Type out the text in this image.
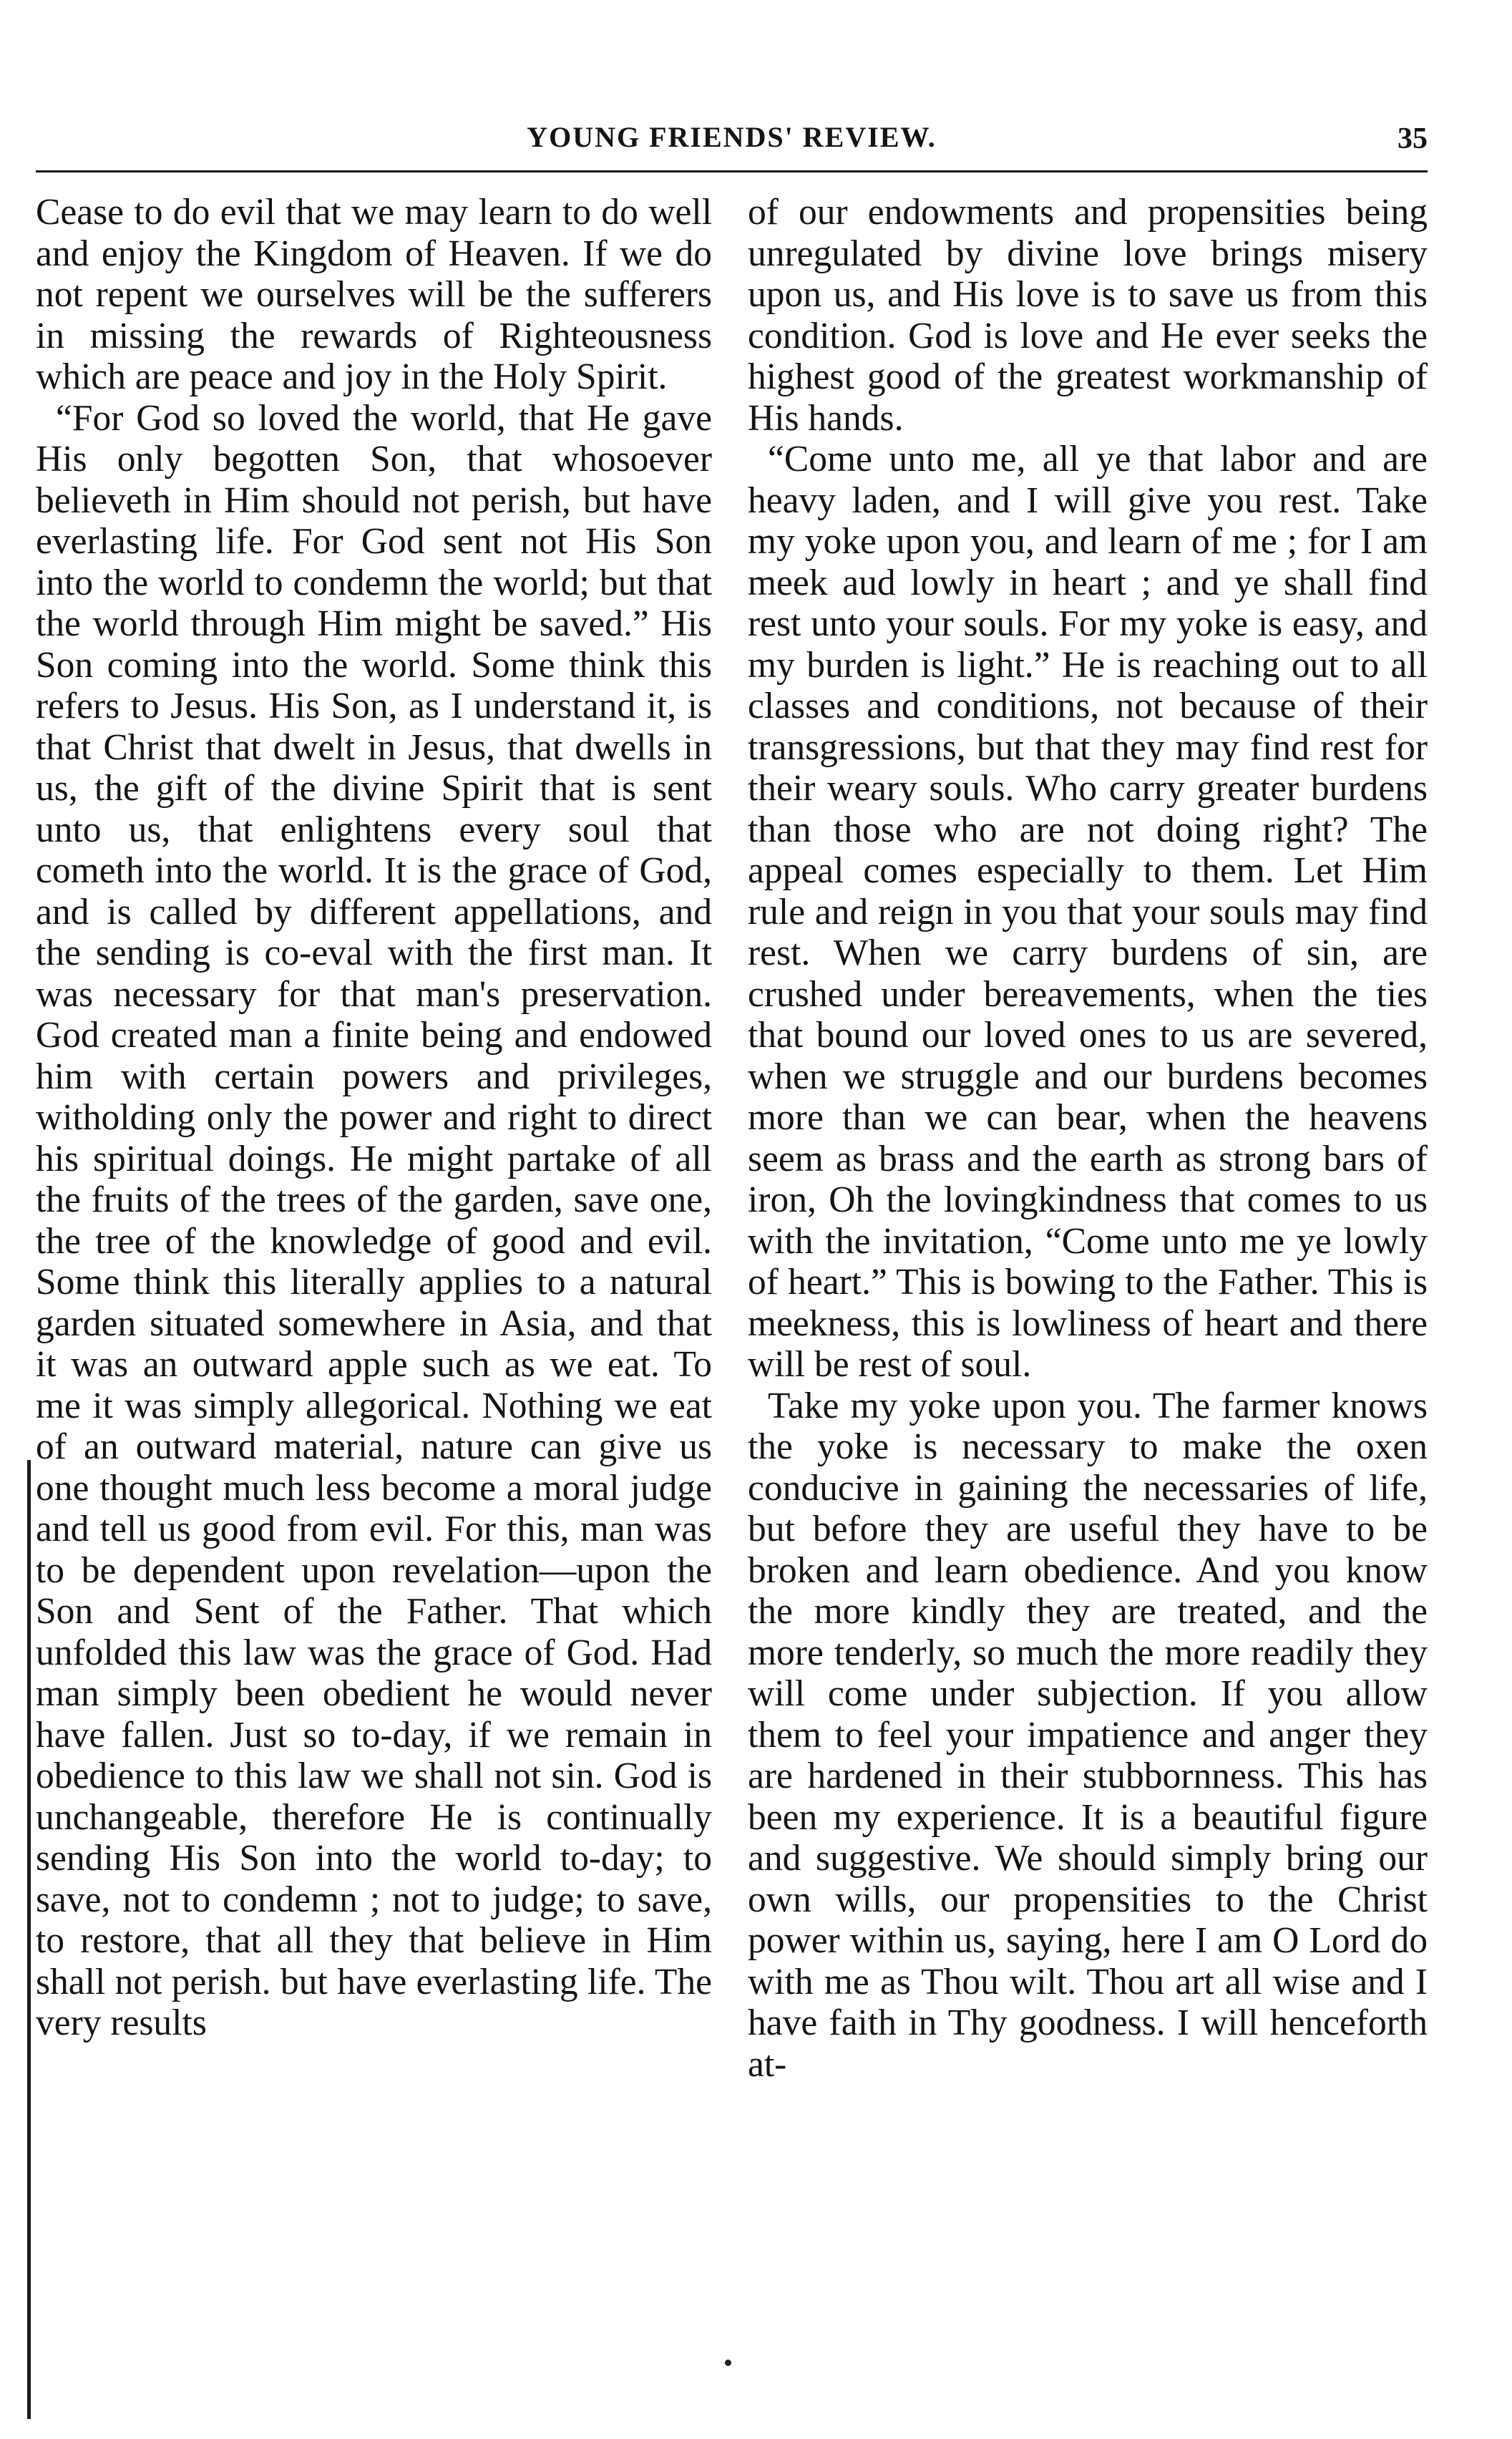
YOUNG FRIENDS' REVIEW.	35

Cease to do evil that we may learn to do well and enjoy the Kingdom of Heaven. If we do not repent we ourselves will be the sufferers in missing the rewards of Righteousness which are peace and joy in the Holy Spirit.

“For God so loved the world, that He gave His only begotten Son, that whosoever believeth in Him should not perish, but have everlasting life. For God sent not His Son into the world to condemn the world; but that the world through Him might be saved.” His Son coming into the world. Some think this refers to Jesus. His Son, as I understand it, is that Christ that dwelt in Jesus, that dwells in us, the gift of the divine Spirit that is sent unto us, that enlightens every soul that cometh into the world. It is the grace of God, and is called by different appellations, and the sending is co-eval with the first man. It was necessary for that man's preservation. God created man a finite being and endowed him with certain powers and privileges, witholding only the power and right to direct his spiritual doings. He might partake of all the fruits of the trees of the garden, save one, the tree of the knowledge of good and evil. Some think this literally applies to a natural garden situated somewhere in Asia, and that it was an outward apple such as we eat. To me it was simply allegorical. Nothing we eat of an outward material, nature can give us one thought much less become a moral judge and tell us good from evil. For this, man was to be dependent upon revelation—upon the Son and Sent of the Father. That which unfolded this law was the grace of God. Had man simply been obedient he would never have fallen. Just so to-day, if we remain in obedience to this law we shall not sin. God is unchangeable, therefore He is continually sending His Son into the world to-day; to save, not to condemn ; not to judge; to save, to restore, that all they that believe in Him shall not perish. but have everlasting life. The very results

of our endowments and propensities being unregulated by divine love brings misery upon us, and His love is to save us from this condition. God is love and He ever seeks the highest good of the greatest workmanship of His hands.

“Come unto me, all ye that labor and are heavy laden, and I will give you rest. Take my yoke upon you, and learn of me ; for I am meek aud lowly in heart ; and ye shall find rest unto your souls. For my yoke is easy, and my burden is light.” He is reaching out to all classes and conditions, not because of their transgressions, but that they may find rest for their weary souls. Who carry greater burdens than those who are not doing right? The appeal comes especially to them. Let Him rule and reign in you that your souls may find rest. When we carry burdens of sin, are crushed under bereavements, when the ties that bound our loved ones to us are severed, when we struggle and our burdens becomes more than we can bear, when the heavens seem as brass and the earth as strong bars of iron, Oh the lovingkindness that comes to us with the invitation, “Come unto me ye lowly of heart.” This is bowing to the Father. This is meekness, this is lowliness of heart and there will be rest of soul.

Take my yoke upon you. The farmer knows the yoke is necessary to make the oxen conducive in gaining the necessaries of life, but before they are useful they have to be broken and learn obedience. And you know the more kindly they are treated, and the more tenderly, so much the more readily they will come under subjection. If you allow them to feel your impatience and anger they are hardened in their stubbornness. This has been my experience. It is a beautiful figure and suggestive. We should simply bring our own wills, our propensities to the Christ power within us, saying, here I am O Lord do with me as Thou wilt. Thou art all wise and I have faith in Thy goodness. I will henceforth at-
